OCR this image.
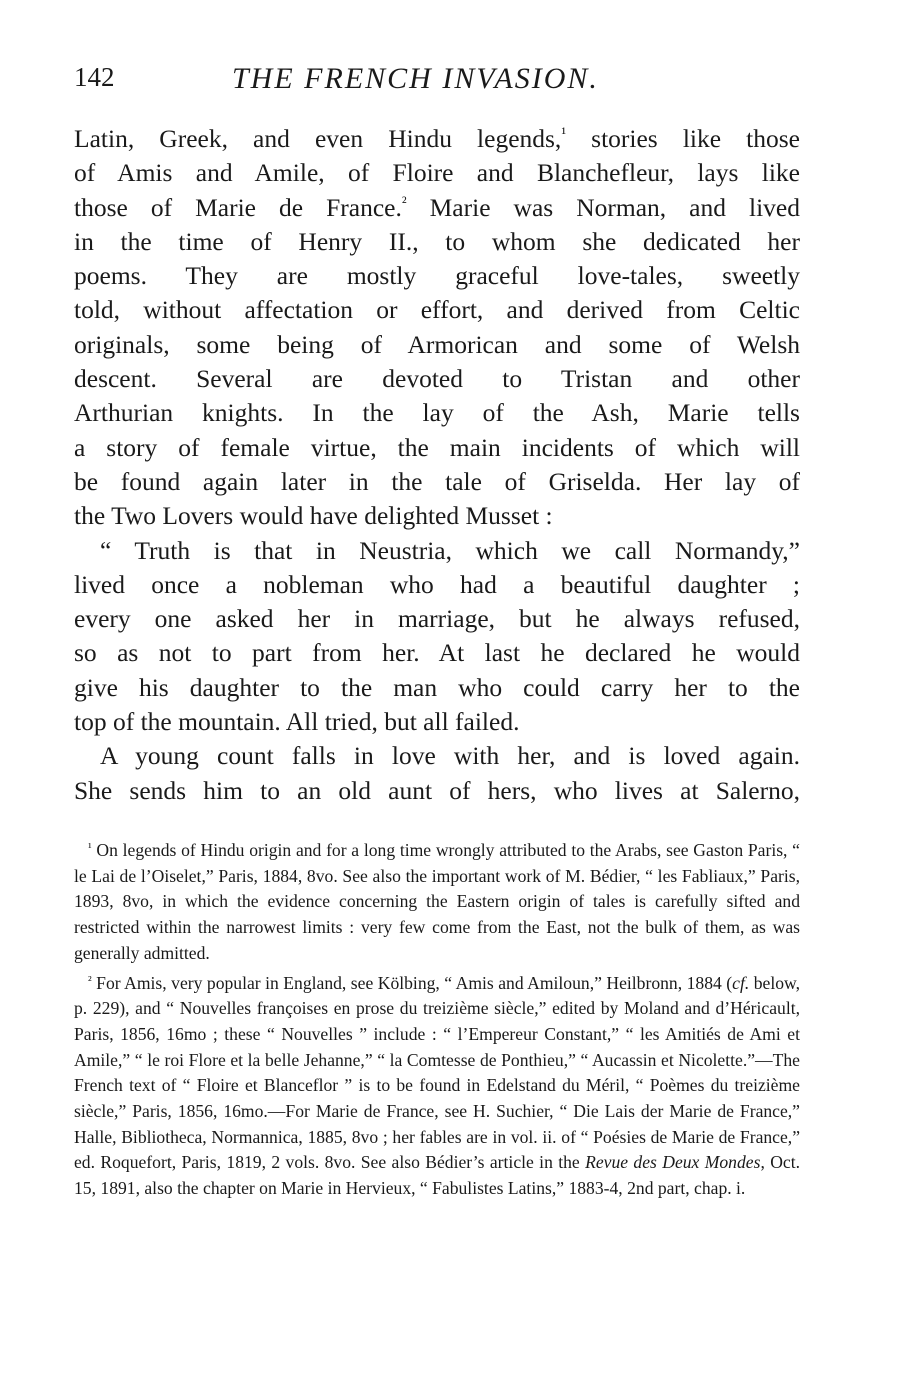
142	THE FRENCH INVASION.
Latin, Greek, and even Hindu legends,$^{^1}$ stories like those
of Amis and Amile, of Floire and Blanchefleur, lays like
those of Marie de France.$^{^2}$ Marie was Norman, and lived
in the time of Henry II., to whom she dedicated her
poems. They are mostly graceful love-tales, sweetly
told, without affectation or effort, and derived from Celtic
originals, some being of Armorican and some of Welsh
descent. Several are devoted to Tristan and other
Arthurian knights. In the lay of the Ash, Marie tells
a story of female virtue, the main incidents of which will
be found again later in the tale of Griselda. Her lay of
the Two Lovers would have delighted Musset :
“ Truth is that in Neustria, which we call Normandy,”
lived once a nobleman who had a beautiful daughter ;
every one asked her in marriage, but he always refused,
so as not to part from her. At last he declared he would
give his daughter to the man who could carry her to the
top of the mountain. All tried, but all failed.
A young count falls in love with her, and is loved again.
She sends him to an old aunt of hers, who lives at Salerno,

$^{^1}$ On legends of Hindu origin and for a long time wrongly attributed to the Arabs, see Gaston Paris, “ le Lai de l’Oiselet,” Paris, 1884, 8vo. See also the important work of M. Bédier, “ les Fabliaux,” Paris, 1893, 8vo, in which the evidence concerning the Eastern origin of tales is carefully sifted and restricted within the narrowest limits : very few come from the East, not the bulk of them, as was generally admitted.

$^{^2}$ For Amis, very popular in England, see Kölbing, “ Amis and Amiloun,” Heilbronn, 1884 (cf. below, p. 229), and “ Nouvelles françoises en prose du treizième siècle,” edited by Moland and d’Héricault, Paris, 1856, 16mo ; these “ Nouvelles ” include : “ l’Empereur Constant,” “ les Amitiés de Ami et Amile,” “ le roi Flore et la belle Jehanne,” “ la Comtesse de Ponthieu,” “ Aucassin et Nicolette.”—The French text of “ Floire et Blanceflor ” is to be found in Edelstand du Méril, “ Poèmes du treizième siècle,” Paris, 1856, 16mo.—For Marie de France, see H. Suchier, “ Die Lais der Marie de France,” Halle, Bibliotheca, Normannica, 1885, 8vo ; her fables are in vol. ii. of “ Poésies de Marie de France,” ed. Roquefort, Paris, 1819, 2 vols. 8vo. See also Bédier’s article in the Revue des Deux Mondes, Oct. 15, 1891, also the chapter on Marie in Hervieux, “ Fabulistes Latins,” 1883-4, 2nd part, chap. i.
